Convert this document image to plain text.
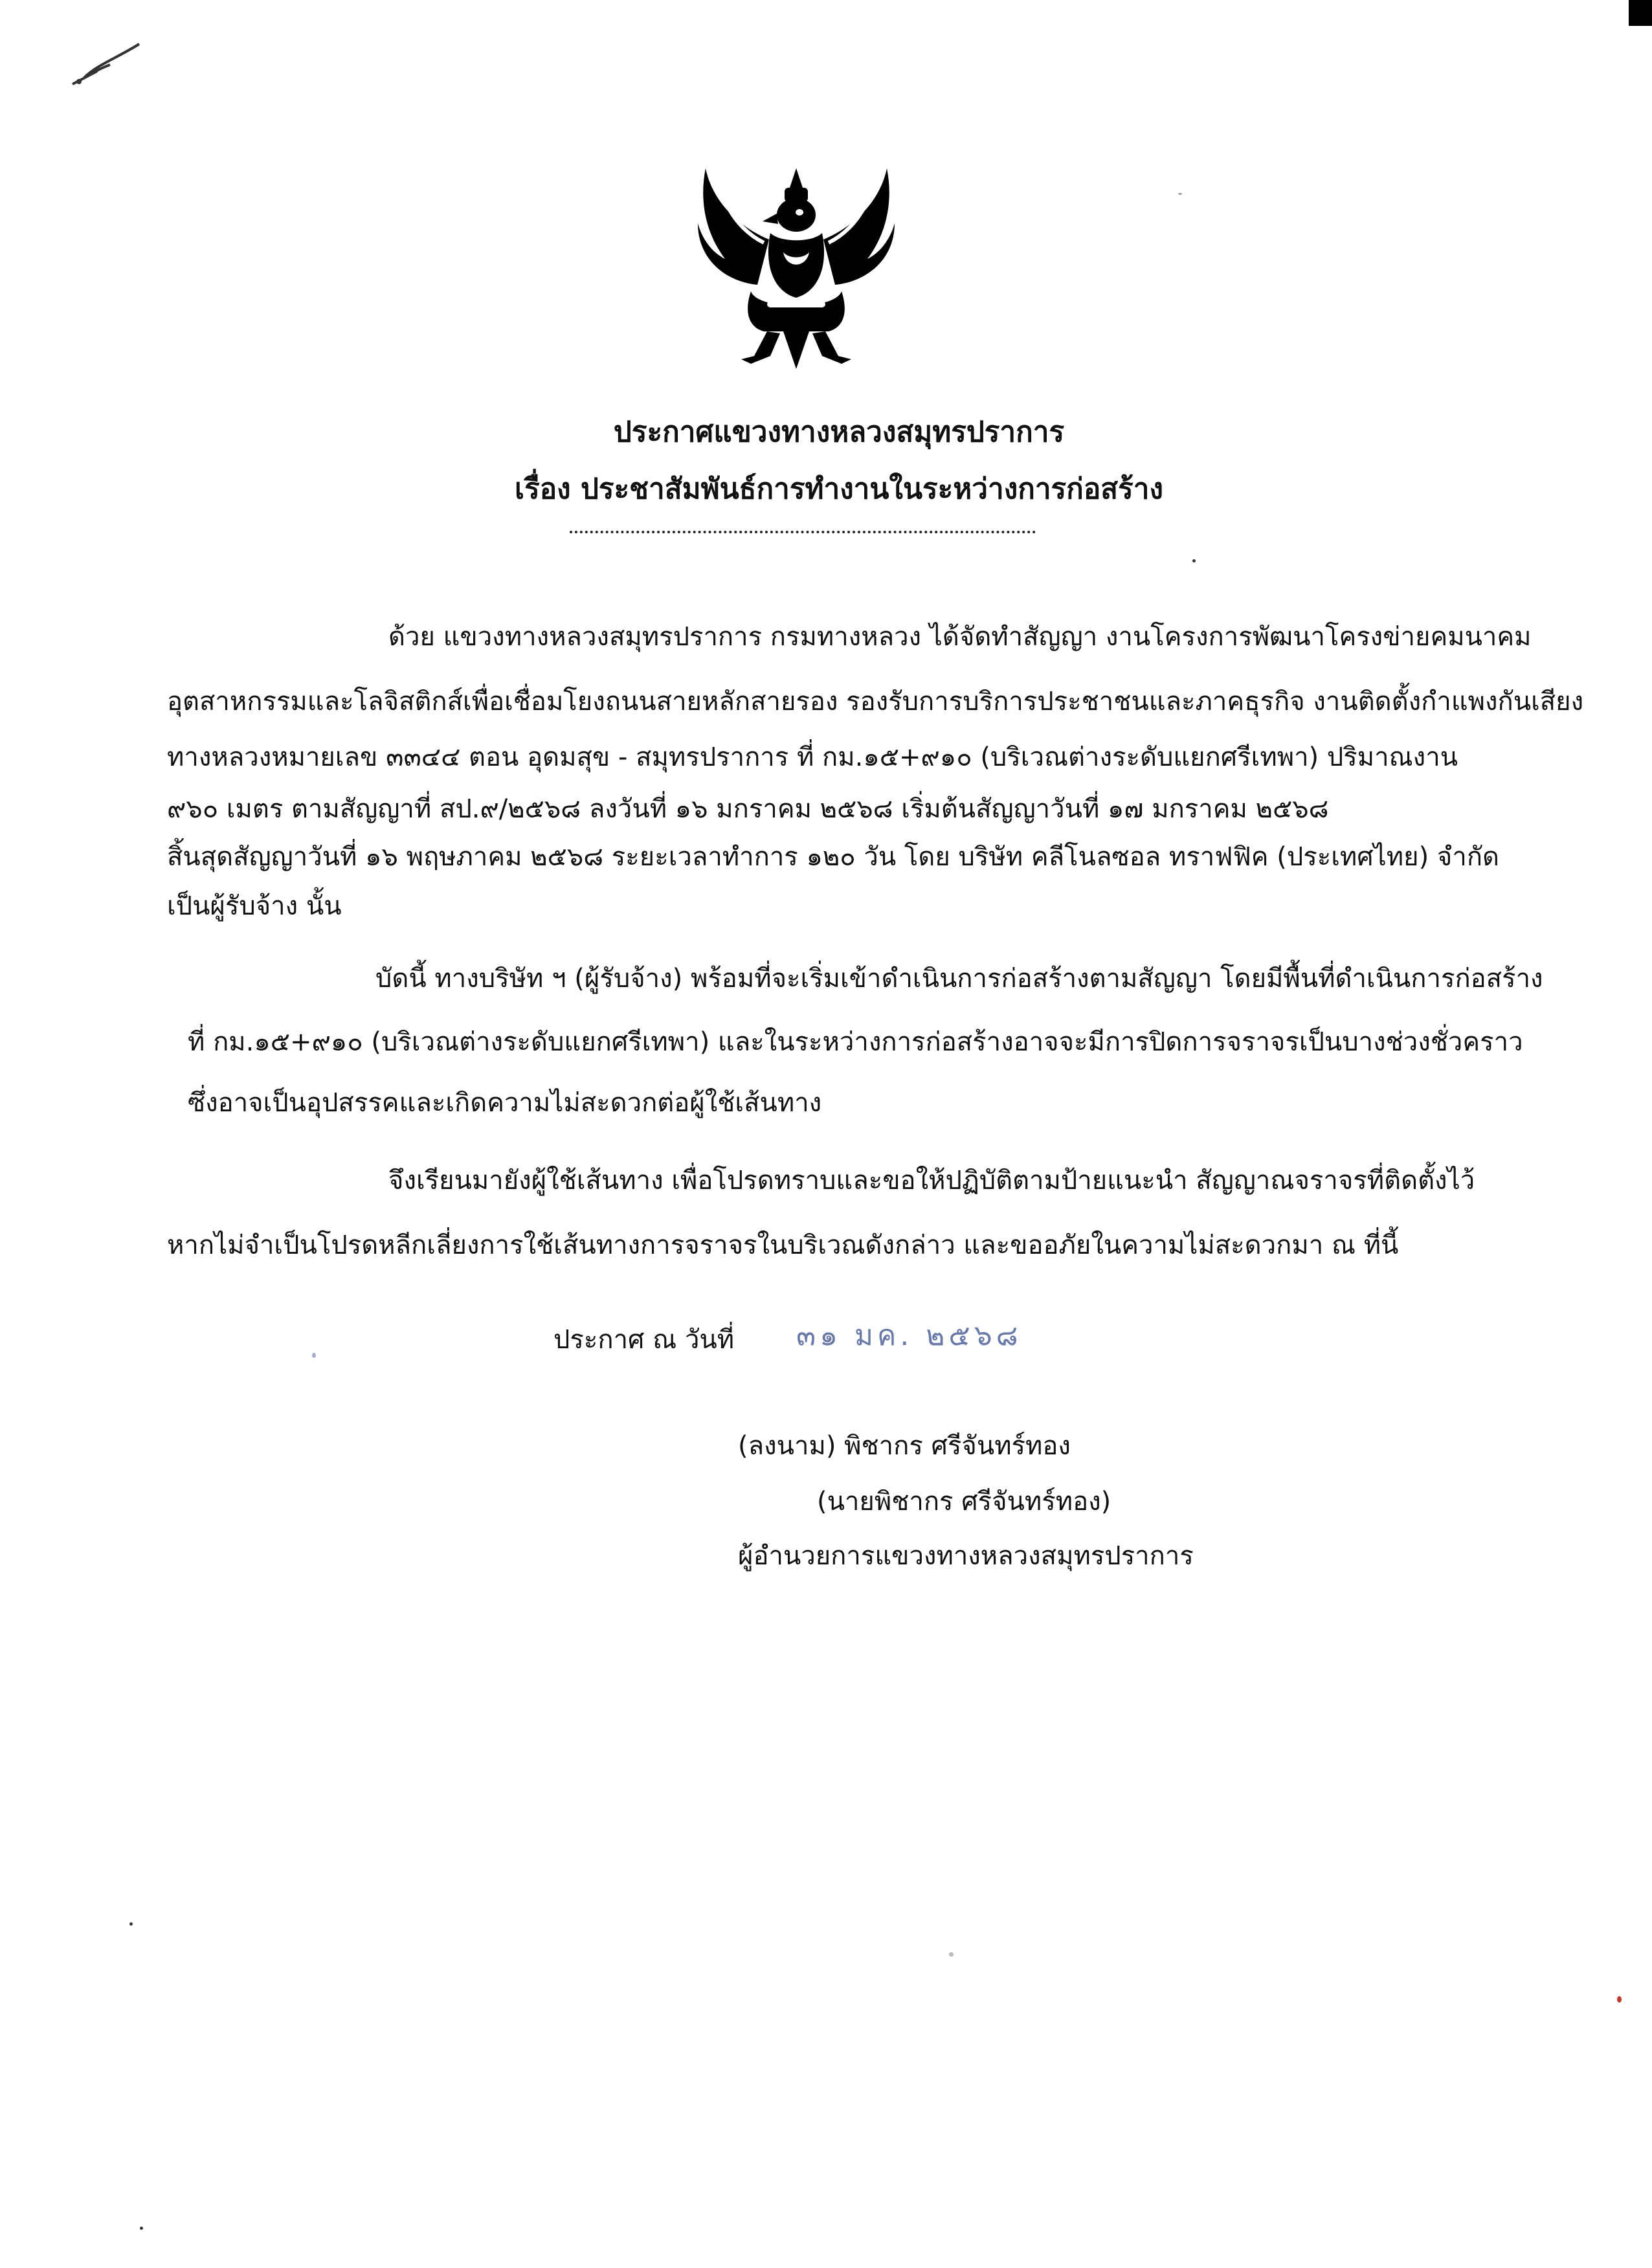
ประกาศแขวงทางหลวงสมุทรปราการ
เรื่อง ประชาสัมพันธ์การทำงานในระหว่างการก่อสร้าง
ด้วย แขวงทางหลวงสมุทรปราการ กรมทางหลวง ได้จัดทำสัญญา งานโครงการพัฒนาโครงข่ายคมนาคม
อุตสาหกรรมและโลจิสติกส์เพื่อเชื่อมโยงถนนสายหลักสายรอง รองรับการบริการประชาชนและภาคธุรกิจ งานติดตั้งกำแพงกันเสียง
ทางหลวงหมายเลข ๓๓๔๔ ตอน อุดมสุข - สมุทรปราการ ที่ กม.๑๕+๙๑๐ (บริเวณต่างระดับแยกศรีเทพา) ปริมาณงาน
๙๖๐ เมตร ตามสัญญาที่ สป.๙/๒๕๖๘ ลงวันที่ ๑๖ มกราคม ๒๕๖๘ เริ่มต้นสัญญาวันที่ ๑๗ มกราคม ๒๕๖๘
สิ้นสุดสัญญาวันที่ ๑๖ พฤษภาคม ๒๕๖๘ ระยะเวลาทำการ ๑๒๐ วัน โดย บริษัท คลีโนลซอล ทราฟฟิค (ประเทศไทย) จำกัด
เป็นผู้รับจ้าง นั้น
บัดนี้ ทางบริษัท ฯ (ผู้รับจ้าง) พร้อมที่จะเริ่มเข้าดำเนินการก่อสร้างตามสัญญา โดยมีพื้นที่ดำเนินการก่อสร้าง
ที่ กม.๑๕+๙๑๐ (บริเวณต่างระดับแยกศรีเทพา) และในระหว่างการก่อสร้างอาจจะมีการปิดการจราจรเป็นบางช่วงชั่วคราว
ซึ่งอาจเป็นอุปสรรคและเกิดความไม่สะดวกต่อผู้ใช้เส้นทาง
จึงเรียนมายังผู้ใช้เส้นทาง เพื่อโปรดทราบและขอให้ปฏิบัติตามป้ายแนะนำ สัญญาณจราจรที่ติดตั้งไว้
หากไม่จำเป็นโปรดหลีกเลี่ยงการใช้เส้นทางการจราจรในบริเวณดังกล่าว และขออภัยในความไม่สะดวกมา ณ ที่นี้
ประกาศ ณ วันที่ ๓๑ มค. ๒๕๖๘
(ลงนาม) พิชากร ศรีจันทร์ทอง
(นายพิชากร ศรีจันทร์ทอง)
ผู้อำนวยการแขวงทางหลวงสมุทรปราการ
